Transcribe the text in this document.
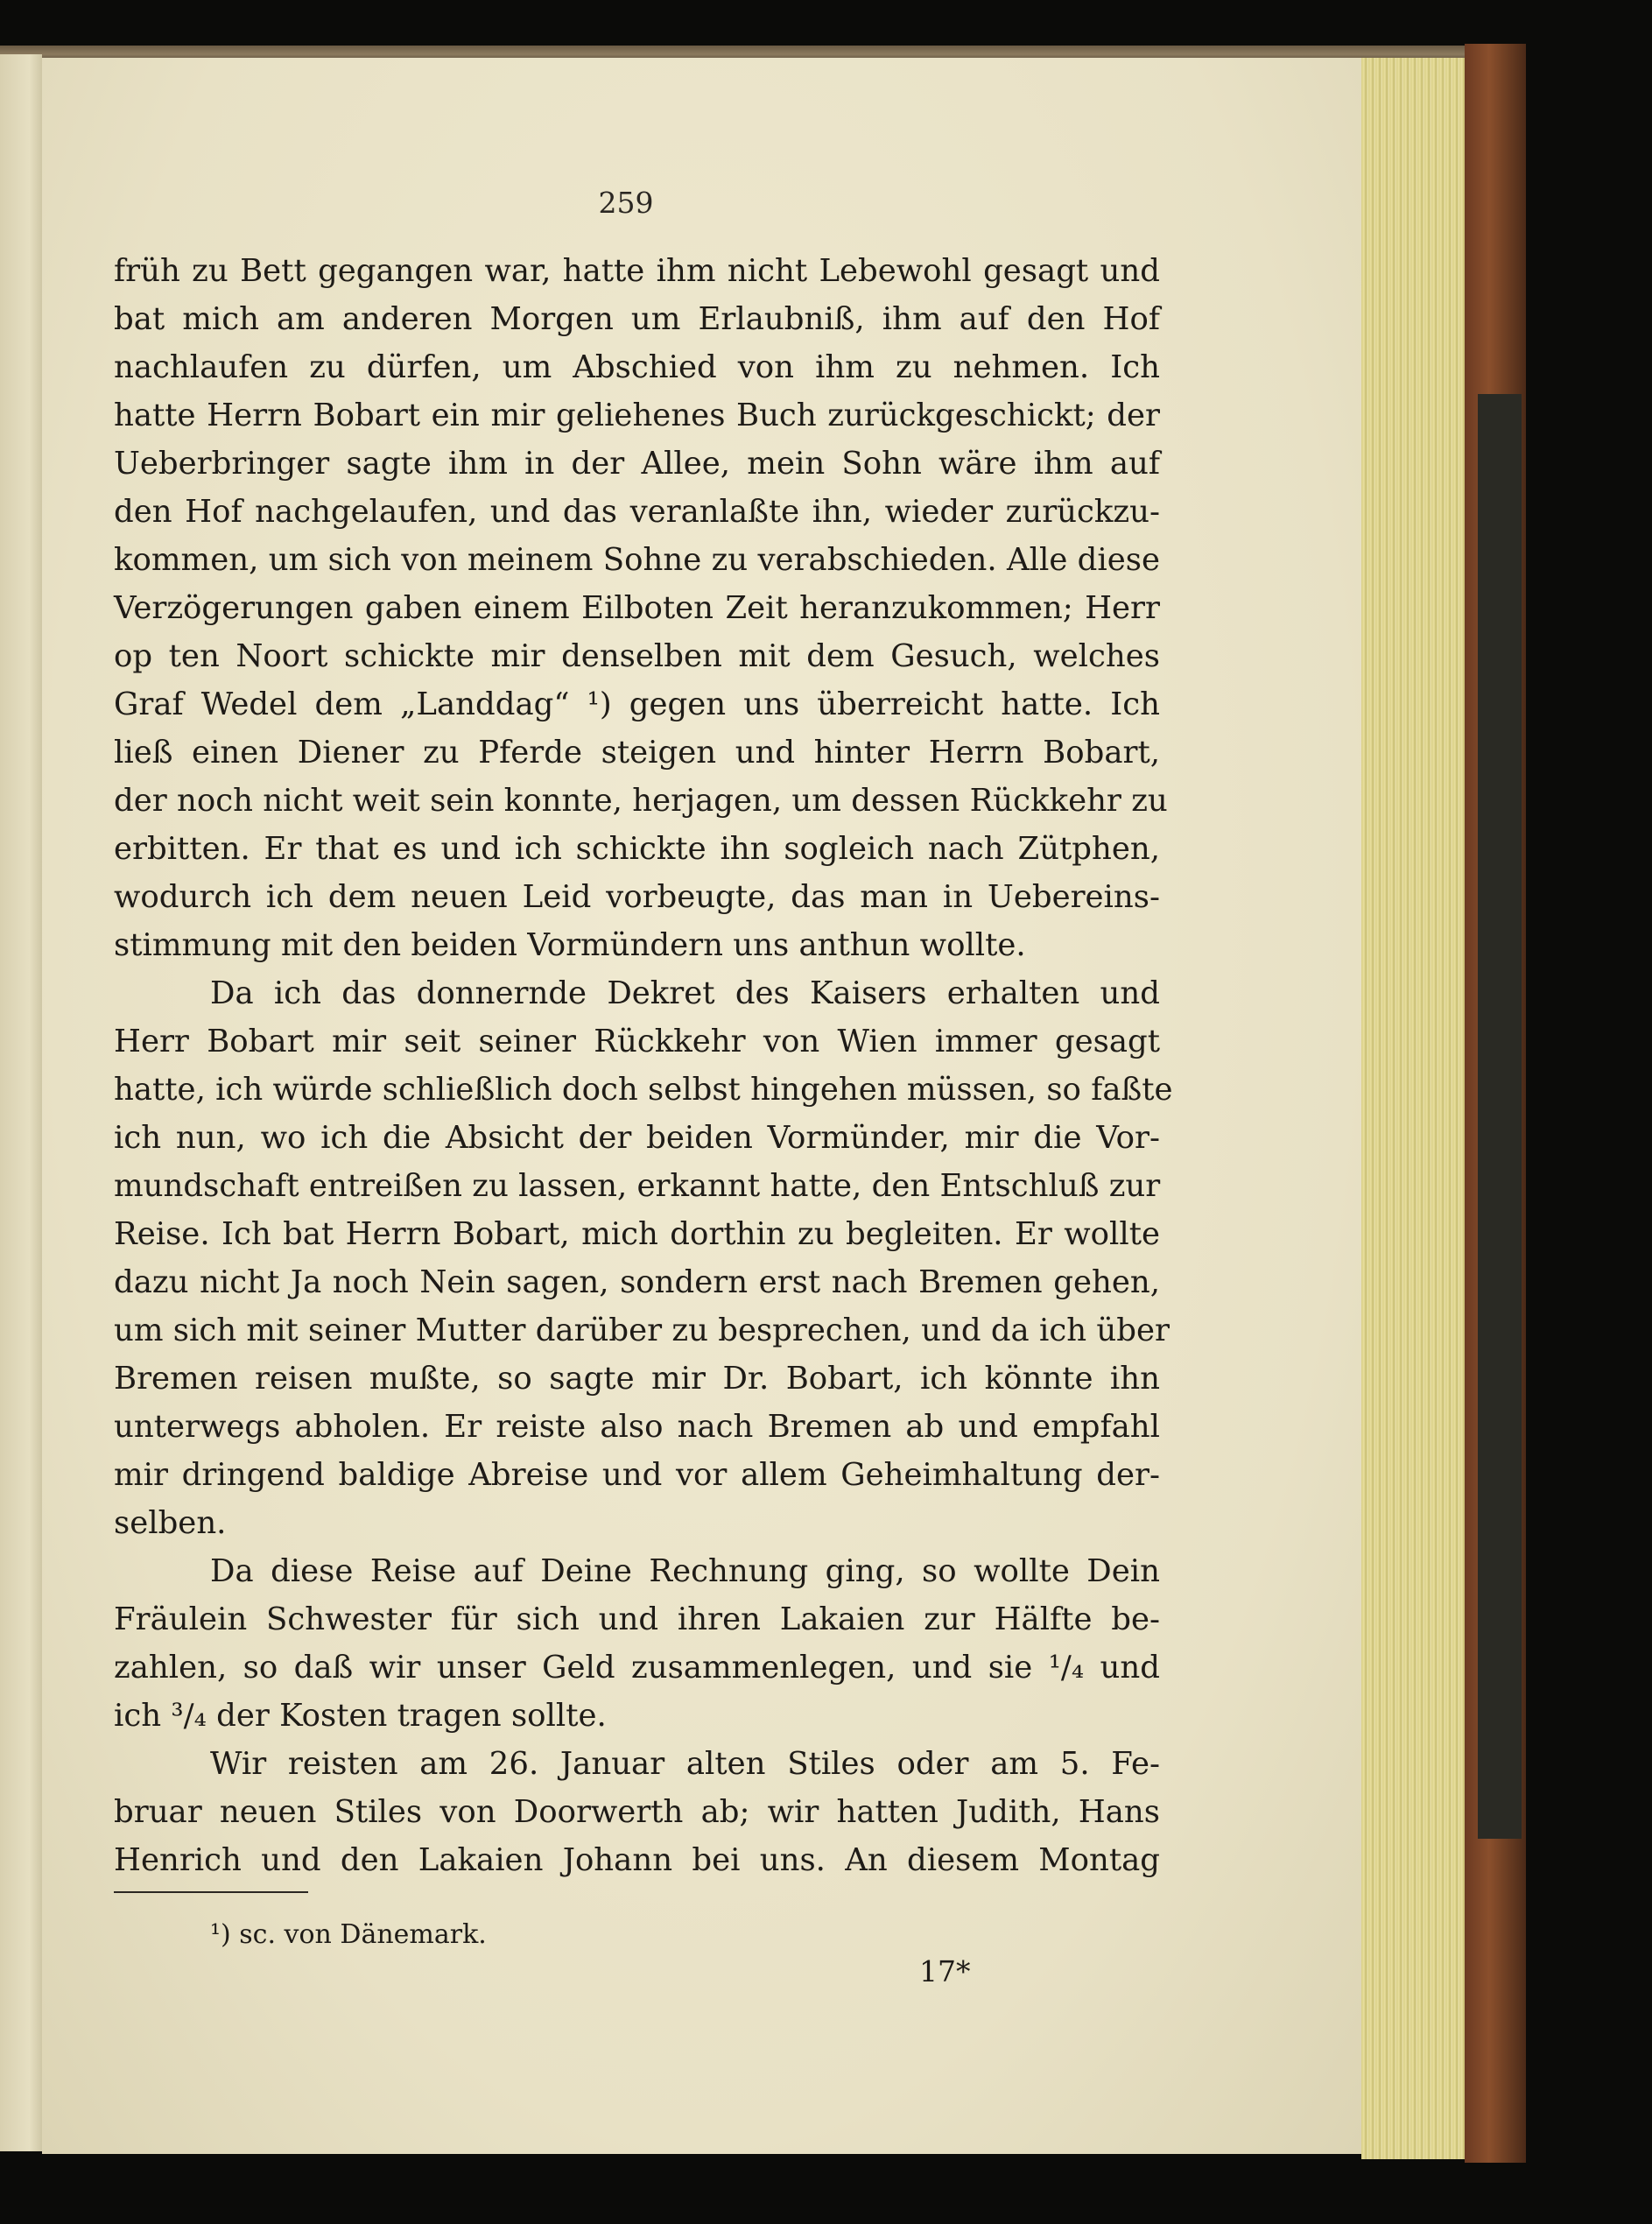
259
früh zu Bett gegangen war, hatte ihm nicht Lebewohl gesagt und
bat mich am anderen Morgen um Erlaubniß, ihm auf den Hof
nachlaufen zu dürfen, um Abschied von ihm zu nehmen. Ich
hatte Herrn Bobart ein mir geliehenes Buch zurückgeschickt; der
Ueberbringer sagte ihm in der Allee, mein Sohn wäre ihm auf
den Hof nachgelaufen, und das veranlaßte ihn, wieder zurückzu-
kommen, um sich von meinem Sohne zu verabschieden. Alle diese
Verzögerungen gaben einem Eilboten Zeit heranzukommen; Herr
op ten Noort schickte mir denselben mit dem Gesuch, welches
Graf Wedel dem „Landdag“ ¹) gegen uns überreicht hatte. Ich
ließ einen Diener zu Pferde steigen und hinter Herrn Bobart,
der noch nicht weit sein konnte, herjagen, um dessen Rückkehr zu
erbitten. Er that es und ich schickte ihn sogleich nach Zütphen,
wodurch ich dem neuen Leid vorbeugte, das man in Uebereins-
stimmung mit den beiden Vormündern uns anthun wollte.
Da ich das donnernde Dekret des Kaisers erhalten und
Herr Bobart mir seit seiner Rückkehr von Wien immer gesagt
hatte, ich würde schließlich doch selbst hingehen müssen, so faßte
ich nun, wo ich die Absicht der beiden Vormünder, mir die Vor-
mundschaft entreißen zu lassen, erkannt hatte, den Entschluß zur
Reise. Ich bat Herrn Bobart, mich dorthin zu begleiten. Er wollte
dazu nicht Ja noch Nein sagen, sondern erst nach Bremen gehen,
um sich mit seiner Mutter darüber zu besprechen, und da ich über
Bremen reisen mußte, so sagte mir Dr. Bobart, ich könnte ihn
unterwegs abholen. Er reiste also nach Bremen ab und empfahl
mir dringend baldige Abreise und vor allem Geheimhaltung der-
selben.
Da diese Reise auf Deine Rechnung ging, so wollte Dein
Fräulein Schwester für sich und ihren Lakaien zur Hälfte be-
zahlen, so daß wir unser Geld zusammenlegen, und sie ¹/₄ und
ich ³/₄ der Kosten tragen sollte.
Wir reisten am 26. Januar alten Stiles oder am 5. Fe-
bruar neuen Stiles von Doorwerth ab; wir hatten Judith, Hans
Henrich und den Lakaien Johann bei uns. An diesem Montag
¹) sc. von Dänemark.
17*
